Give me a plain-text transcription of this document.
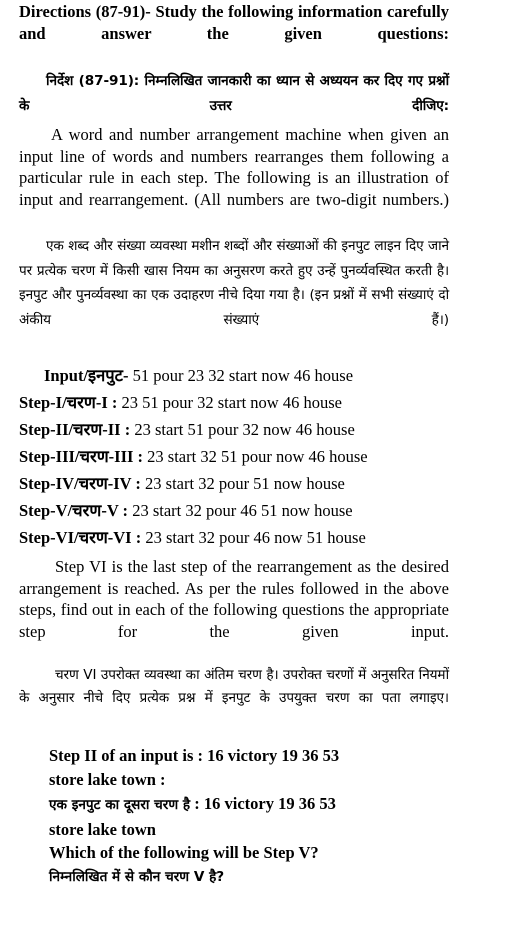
Directions (87-91)- Study the following information carefully and answer the given questions:

निर्देश (87-91): निम्नलिखित जानकारी का ध्यान से अध्ययन कर दिए गए प्रश्नों के उत्तर दीजिए:

A word and number arrangement machine when given an input line of words and numbers rearranges them following a particular rule in each step. The following is an illustration of input and rearrangement. (All numbers are two-digit numbers.)

एक शब्द और संख्या व्यवस्था मशीन शब्दों और संख्याओं की इनपुट लाइन दिए जाने पर प्रत्येक चरण में किसी खास नियम का अनुसरण करते हुए उन्हें पुनर्व्यवस्थित करती है। इनपुट और पुनर्व्यवस्था का एक उदाहरण नीचे दिया गया है। (इन प्रश्नों में सभी संख्याएं दो अंकीय संख्याएं हैं।)

Input/इनपुट- 51 pour 23 32 start now 46 house
Step-I/चरण-I : 23 51 pour 32 start now 46 house
Step-II/चरण-II : 23 start 51 pour 32 now 46 house
Step-III/चरण-III : 23 start 32 51 pour now 46 house
Step-IV/चरण-IV : 23 start 32 pour 51 now house
Step-V/चरण-V : 23 start 32 pour 46 51 now house
Step-VI/चरण-VI : 23 start 32 pour 46 now 51 house

Step VI is the last step of the rearrangement as the desired arrangement is reached. As per the rules followed in the above steps, find out in each of the following questions the appropriate step for the given input.

चरण VI उपरोक्त व्यवस्था का अंतिम चरण है। उपरोक्त चरणों में अनुसरित नियमों के अनुसार नीचे दिए प्रत्येक प्रश्न में इनपुट के उपयुक्त चरण का पता लगाइए।

Step II of an input is : 16 victory 19 36 53
store lake town :
एक इनपुट का दूसरा चरण है : 16 victory 19 36 53
store lake town
Which of the following will be Step V?
निम्नलिखित में से कौन चरण V है?
